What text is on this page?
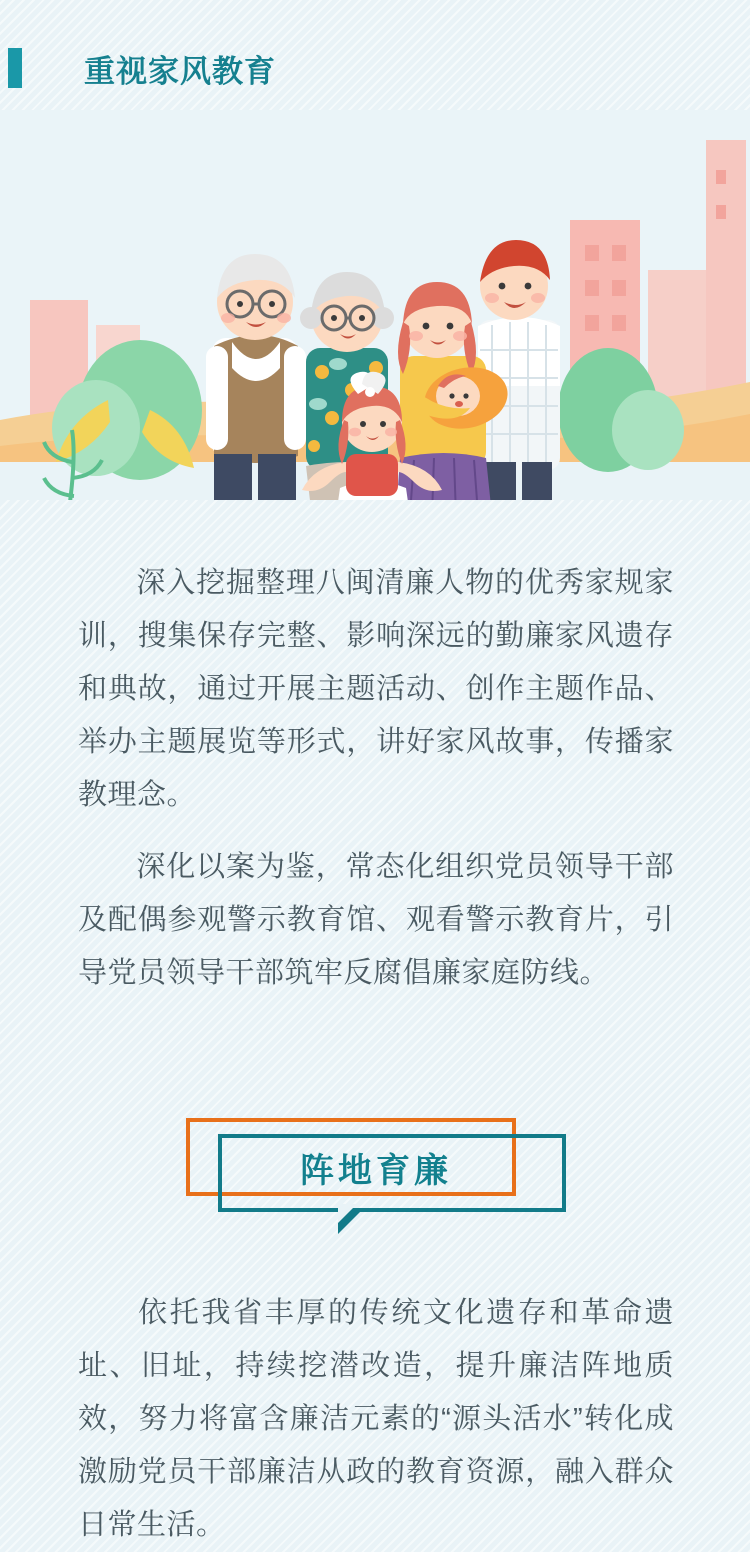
重视家风教育

深入挖掘整理八闽清廉人物的优秀家规家训，搜集保存完整、影响深远的勤廉家风遗存和典故，通过开展主题活动、创作主题作品、举办主题展览等形式，讲好家风故事，传播家教理念。

深化以案为鉴，常态化组织党员领导干部及配偶参观警示教育馆、观看警示教育片，引导党员领导干部筑牢反腐倡廉家庭防线。

阵地育廉

依托我省丰厚的传统文化遗存和革命遗址、旧址，持续挖潜改造，提升廉洁阵地质效，努力将富含廉洁元素的“源头活水”转化成激励党员干部廉洁从政的教育资源，融入群众日常生活。
